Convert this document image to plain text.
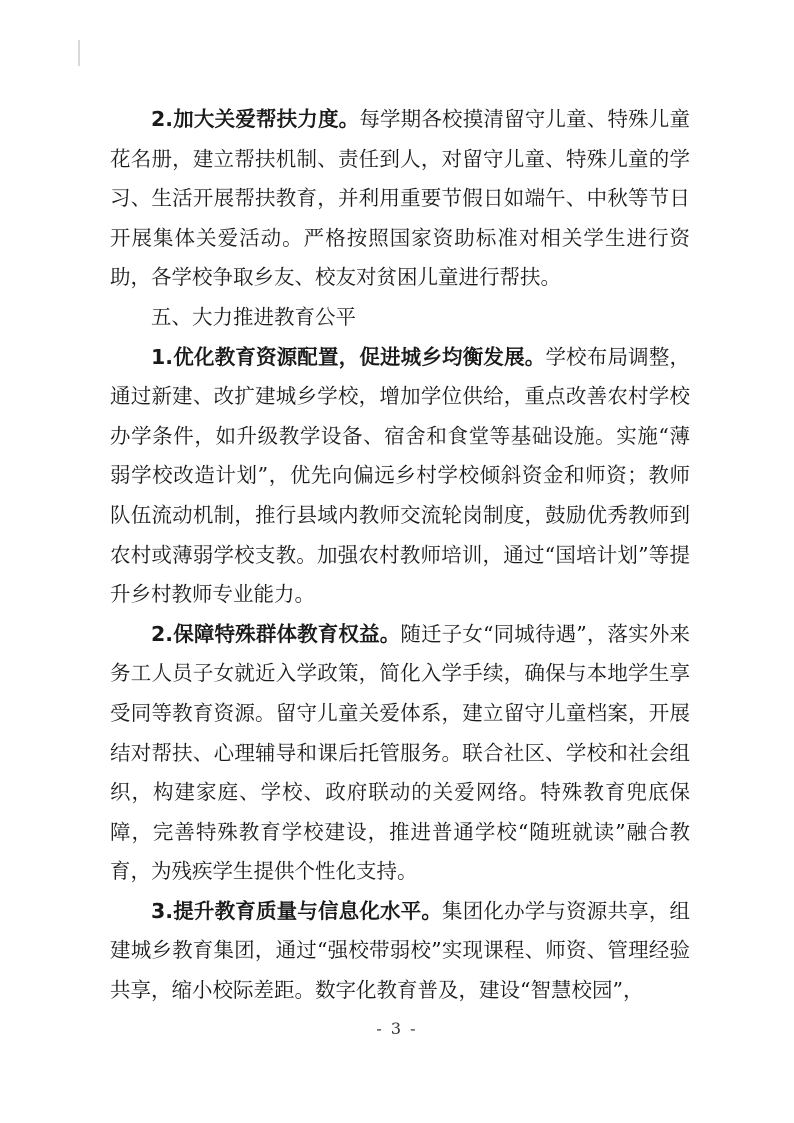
2.加大关爱帮扶力度。每学期各校摸清留守儿童、特殊儿童花名册，建立帮扶机制、责任到人，对留守儿童、特殊儿童的学习、生活开展帮扶教育，并利用重要节假日如端午、中秋等节日开展集体关爱活动。严格按照国家资助标准对相关学生进行资助，各学校争取乡友、校友对贫困儿童进行帮扶。

五、大力推进教育公平

1.优化教育资源配置，促进城乡均衡发展。学校布局调整，通过新建、改扩建城乡学校，增加学位供给，重点改善农村学校办学条件，如升级教学设备、宿舍和食堂等基础设施。实施“薄弱学校改造计划”，优先向偏远乡村学校倾斜资金和师资；教师队伍流动机制，推行县域内教师交流轮岗制度，鼓励优秀教师到农村或薄弱学校支教。加强农村教师培训，通过“国培计划”等提升乡村教师专业能力。

2.保障特殊群体教育权益。随迁子女“同城待遇”，落实外来务工人员子女就近入学政策，简化入学手续，确保与本地学生享受同等教育资源。留守儿童关爱体系，建立留守儿童档案，开展结对帮扶、心理辅导和课后托管服务。联合社区、学校和社会组织，构建家庭、学校、政府联动的关爱网络。特殊教育兜底保障，完善特殊教育学校建设，推进普通学校“随班就读”融合教育，为残疾学生提供个性化支持。

3.提升教育质量与信息化水平。集团化办学与资源共享，组建城乡教育集团，通过“强校带弱校”实现课程、师资、管理经验共享，缩小校际差距。数字化教育普及，建设“智慧校园”，

- 3 -
